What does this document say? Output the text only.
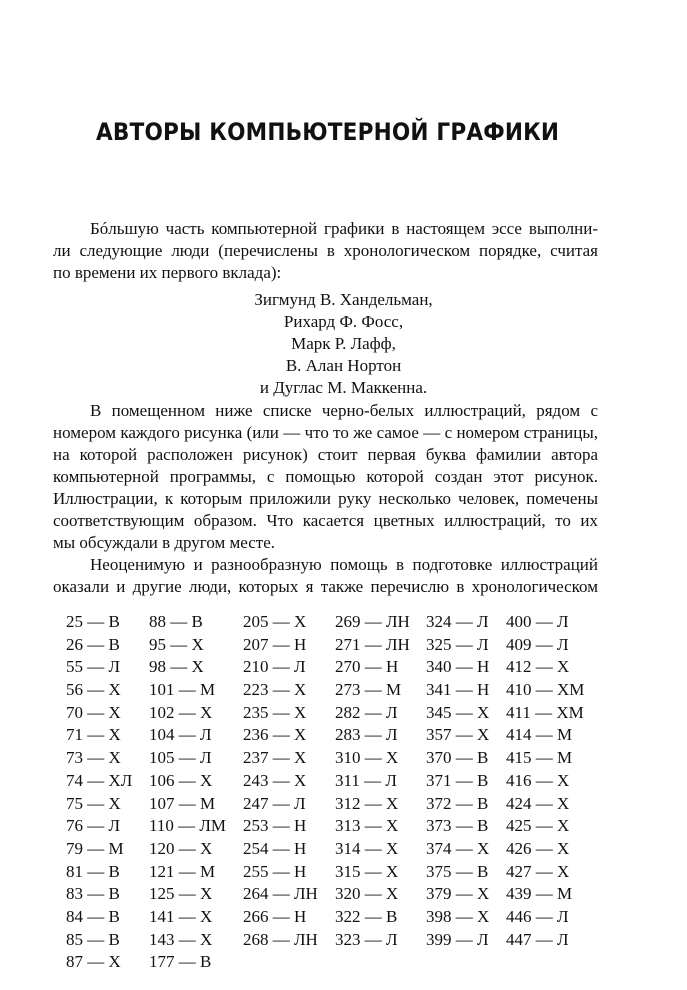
АВТОРЫ КОМПЬЮТЕРНОЙ ГРАФИКИ
Бóльшую часть компьютерной графики в настоящем эссе выполни-
ли следующие люди (перечислены в хронологическом порядке, считая
по времени их первого вклада):
Зигмунд В. Хандельман,
Рихард Ф. Фосс,
Марк Р. Лафф,
В. Алан Нортон
и Дуглас М. Маккенна.
В помещенном ниже списке черно-белых иллюстраций, рядом с
номером каждого рисунка (или — что то же самое — с номером страницы,
на которой расположен рисунок) стоит первая буква фамилии автора
компьютерной программы, с помощью которой создан этот рисунок.
Иллюстрации, к которым приложили руку несколько человек, помечены
соответствующим образом. Что касается цветных иллюстраций, то их
мы обсуждали в другом месте.
Неоценимую и разнообразную помощь в подготовке иллюстраций
оказали и другие люди, которых я также перечислю в хронологическом
25 — В
26 — В
55 — Л
56 — Х
70 — Х
71 — Х
73 — Х
74 — ХЛ
75 — Х
76 — Л
79 — М
81 — В
83 — В
84 — В
85 — В
87 — Х
88 — В
95 — Х
98 — Х
101 — М
102 — Х
104 — Л
105 — Л
106 — Х
107 — М
110 — ЛМ
120 — Х
121 — М
125 — Х
141 — Х
143 — Х
177 — В
205 — Х
207 — Н
210 — Л
223 — Х
235 — Х
236 — Х
237 — Х
243 — Х
247 — Л
253 — Н
254 — Н
255 — Н
264 — ЛН
266 — Н
268 — ЛН
269 — ЛН
271 — ЛН
270 — Н
273 — М
282 — Л
283 — Л
310 — Х
311 — Л
312 — Х
313 — Х
314 — Х
315 — Х
320 — Х
322 — В
323 — Л
324 — Л
325 — Л
340 — Н
341 — Н
345 — Х
357 — Х
370 — В
371 — В
372 — В
373 — В
374 — Х
375 — В
379 — Х
398 — Х
399 — Л
400 — Л
409 — Л
412 — Х
410 — ХМ
411 — ХМ
414 — М
415 — М
416 — Х
424 — Х
425 — Х
426 — Х
427 — Х
439 — М
446 — Л
447 — Л
